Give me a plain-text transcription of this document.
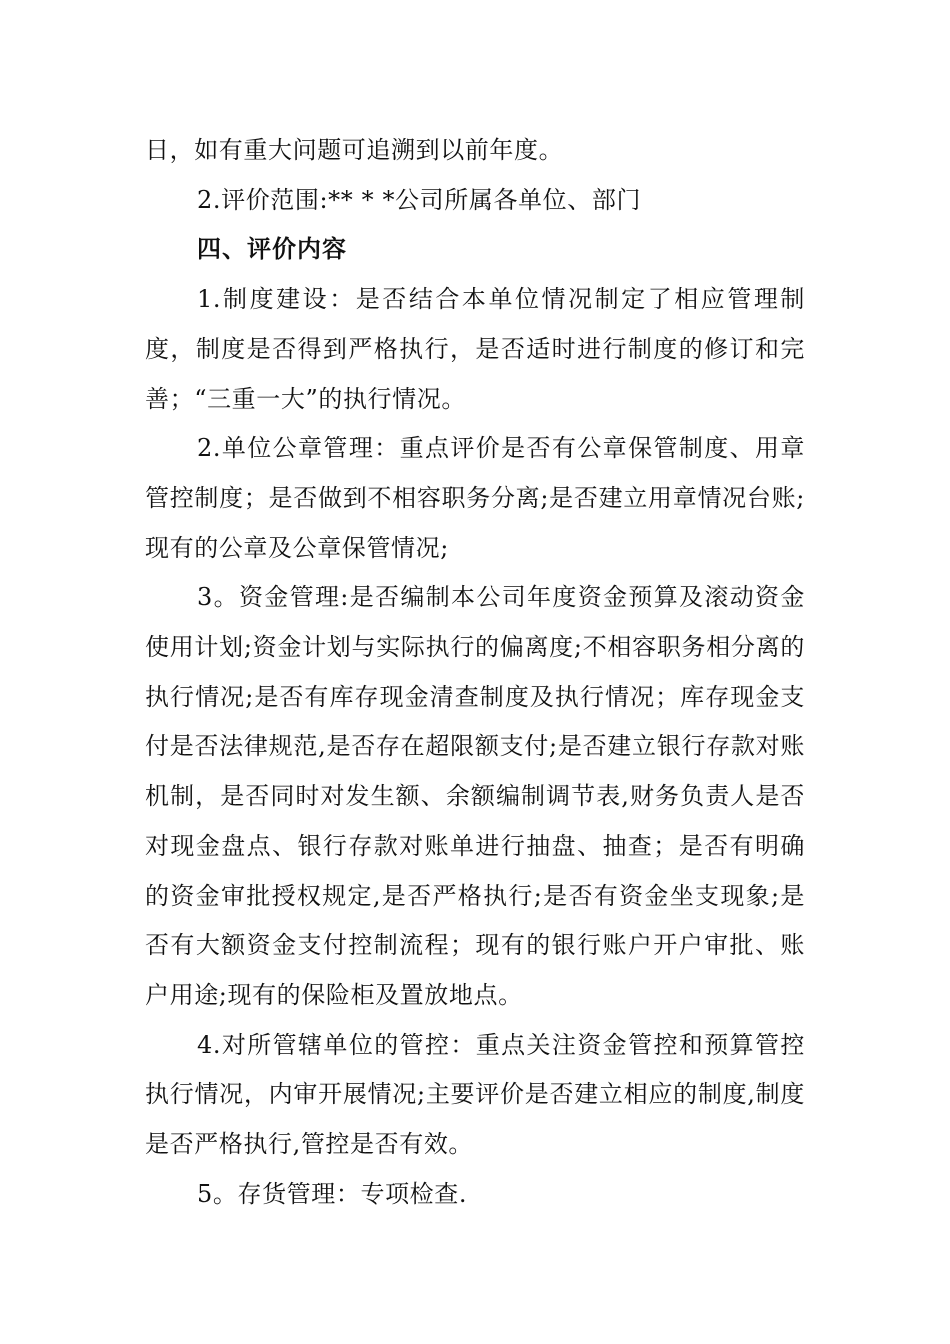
日，如有重大问题可追溯到以前年度。

2.评价范围:** * *公司所属各单位、部门

四、评价内容

1.制度建设：是否结合本单位情况制定了相应管理制度，制度是否得到严格执行，是否适时进行制度的修订和完善；“三重一大”的执行情况。

2.单位公章管理：重点评价是否有公章保管制度、用章管控制度；是否做到不相容职务分离;是否建立用章情况台账;现有的公章及公章保管情况;

3。资金管理:是否编制本公司年度资金预算及滚动资金使用计划;资金计划与实际执行的偏离度;不相容职务相分离的执行情况;是否有库存现金清查制度及执行情况；库存现金支付是否法律规范,是否存在超限额支付;是否建立银行存款对账机制，是否同时对发生额、余额编制调节表,财务负责人是否对现金盘点、银行存款对账单进行抽盘、抽查；是否有明确的资金审批授权规定,是否严格执行;是否有资金坐支现象;是否有大额资金支付控制流程；现有的银行账户开户审批、账户用途;现有的保险柜及置放地点。

4.对所管辖单位的管控：重点关注资金管控和预算管控执行情况，内审开展情况;主要评价是否建立相应的制度,制度是否严格执行,管控是否有效。

5。存货管理：专项检查.
